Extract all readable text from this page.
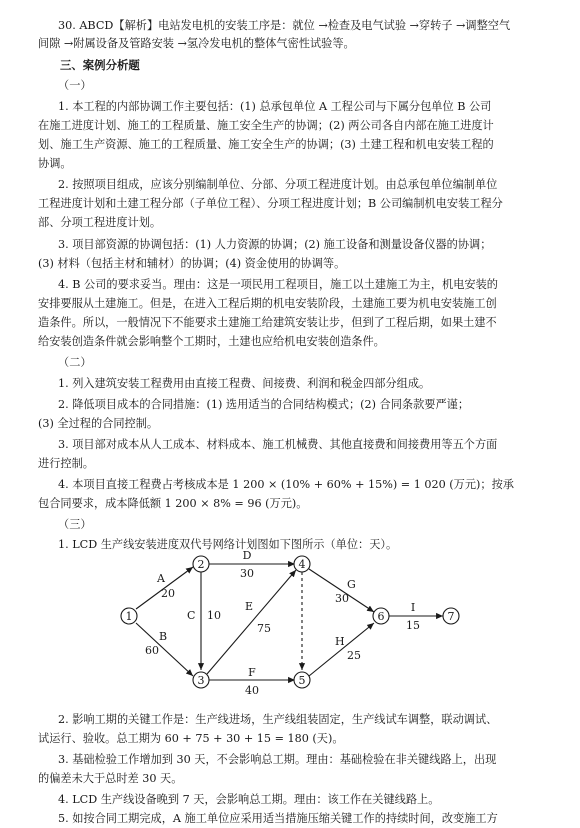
30. ABCD【解析】电站发电机的安装工序是：就位 →检查及电气试验 →穿转子 →调整空气
间隙 →附属设备及管路安装 →氢冷发电机的整体气密性试验等。
三、案例分析题
（一）
1. 本工程的内部协调工作主要包括：(1) 总承包单位 A 工程公司与下属分包单位 B 公司
在施工进度计划、施工的工程质量、施工安全生产的协调；(2) 两公司各自内部在施工进度计
划、施工生产资源、施工的工程质量、施工安全生产的协调；(3) 土建工程和机电安装工程的
协调。
2. 按照项目组成，应该分别编制单位、分部、分项工程进度计划。由总承包单位编制单位
工程进度计划和土建工程分部（子单位工程）、分项工程进度计划；B 公司编制机电安装工程分
部、分项工程进度计划。
3. 项目部资源的协调包括：(1) 人力资源的协调；(2) 施工设备和测量设备仪器的协调；
(3) 材料（包括主材和辅材）的协调；(4) 资金使用的协调等。
4. B 公司的要求妥当。理由：这是一项民用工程项目，施工以土建施工为主，机电安装的
安排要服从土建施工。但是，在进入工程后期的机电安装阶段，土建施工要为机电安装施工创
造条件。所以，一般情况下不能要求土建施工给建筑安装让步，但到了工程后期，如果土建不
给安装创造条件就会影响整个工期时，土建也应给机电安装创造条件。
（二）
1. 列入建筑安装工程费用由直接工程费、间接费、利润和税金四部分组成。
2. 降低项目成本的合同措施：(1) 选用适当的合同结构模式；(2) 合同条款要严谨；
(3) 全过程的合同控制。
3. 项目部对成本从人工成本、材料成本、施工机械费、其他直接费和间接费用等五个方面
进行控制。
4. 本项目直接工程费占考核成本是 1 200 × (10% + 60% + 15%) = 1 020 (万元)；按承
包合同要求，成本降低额 1 200 × 8% = 96 (万元)。
（三）
1. LCD 生产线安装进度双代号网络计划图如下图所示（单位：天）。
2. 影响工期的关键工作是：生产线进场，生产线组装固定，生产线试车调整，联动调试、
试运行、验收。总工期为 60 + 75 + 30 + 15 = 180 (天)。
3. 基础检验工作增加到 30 天，不会影响总工期。理由：基础检验在非关键线路上，出现
的偏差未大于总时差 30 天。
4. LCD 生产线设备晚到 7 天，会影响总工期。理由：该工作在关键线路上。
5. 如按合同工期完成，A 施工单位应采用适当措施压缩关键工作的持续时间，改变施工方
1
2
3
4
5
6	7
A
20
B
60
C 10
D
30
E
75
F
40
G
30
H
25
I
15
